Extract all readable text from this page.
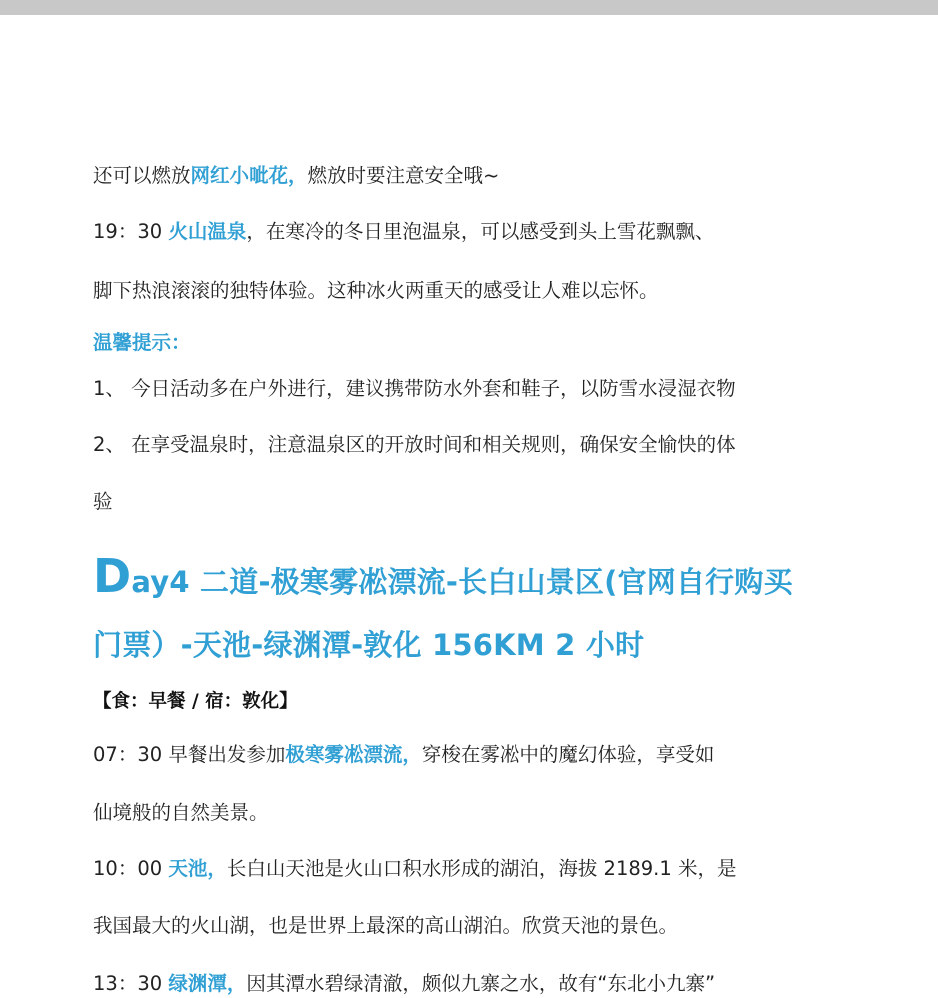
还可以燃放网红小呲花，燃放时要注意安全哦~
19：30 火山温泉，在寒冷的冬日里泡温泉，可以感受到头上雪花飘飘、
脚下热浪滚滚的独特体验。这种冰火两重天的感受让人难以忘怀。
温馨提示：
1、 今日活动多在户外进行，建议携带防水外套和鞋子，以防雪水浸湿衣物
2、 在享受温泉时，注意温泉区的开放时间和相关规则，确保安全愉快的体
验
Day4 二道-极寒雾凇漂流-长白山景区(官网自行购买
门票）-天池-绿渊潭-敦化 156KM 2 小时
【食：早餐 / 宿：敦化】
07：30 早餐出发参加极寒雾凇漂流，穿梭在雾凇中的魔幻体验，享受如
仙境般的自然美景。
10：00 天池，长白山天池是火山口积水形成的湖泊，海拔 2189.1 米，是
我国最大的火山湖，也是世界上最深的高山湖泊。欣赏天池的景色。
13：30 绿渊潭，因其潭水碧绿清澈，颇似九寨之水，故有“东北小九寨”
